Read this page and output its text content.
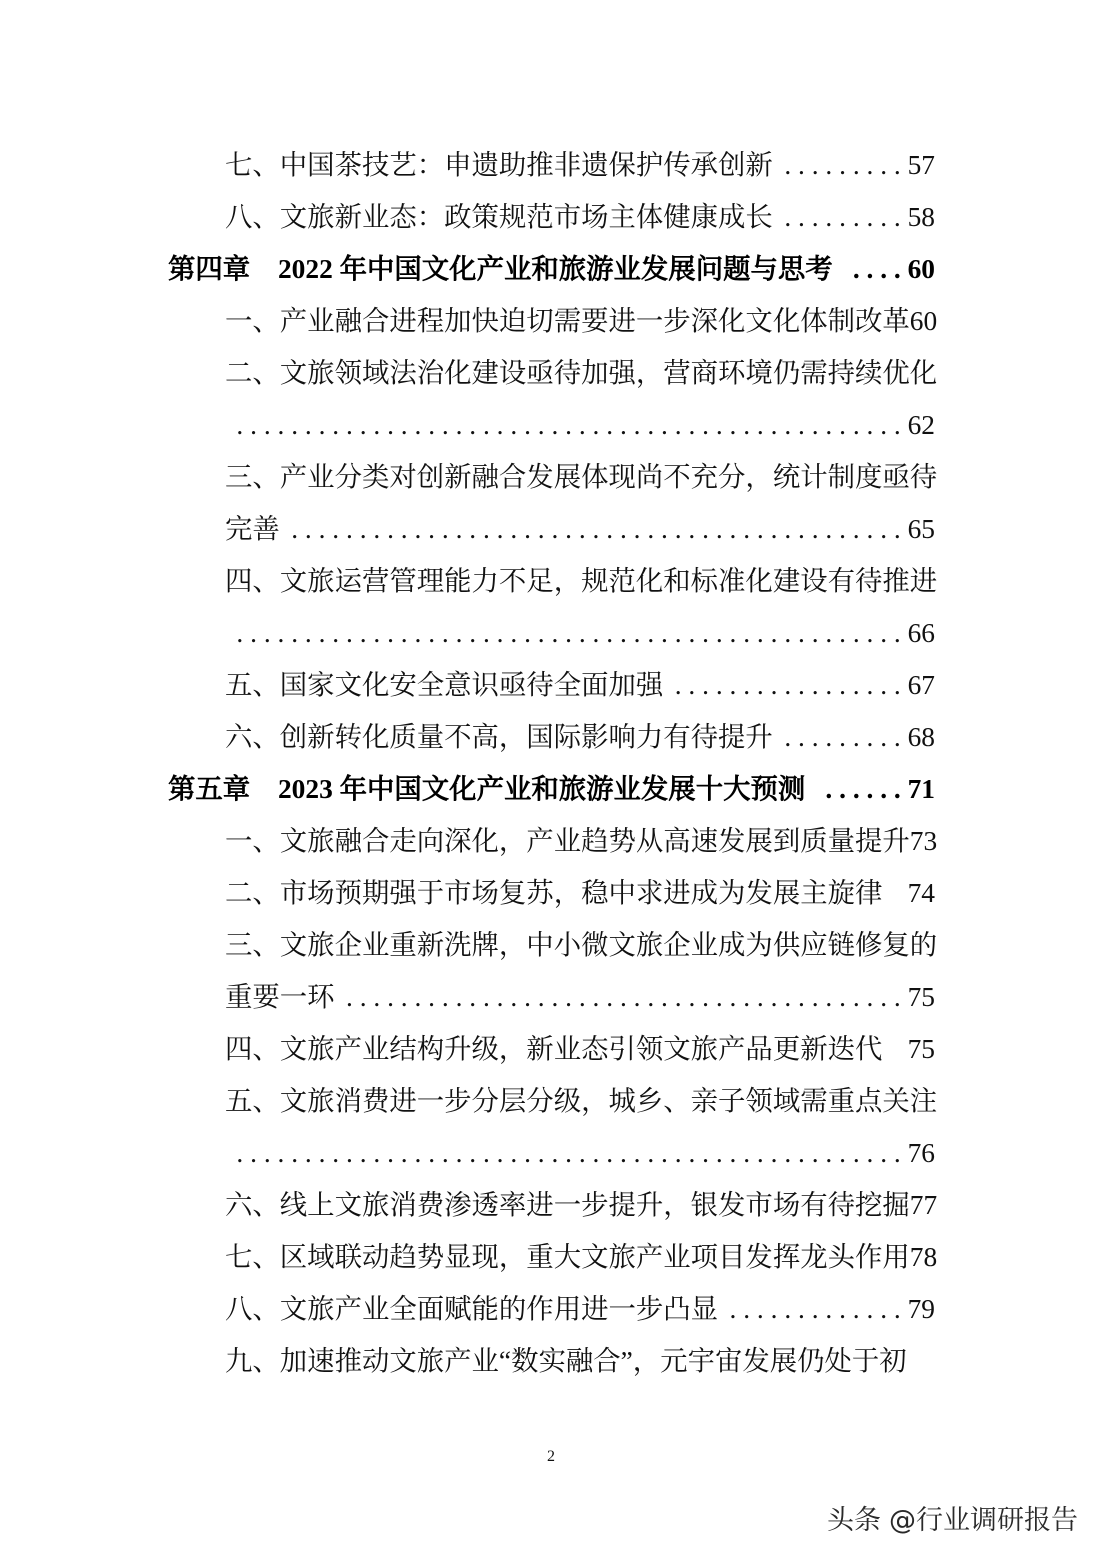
七、中国茶技艺：申遗助推非遗保护传承创新 ......... 57
八、文旅新业态：政策规范市场主体健康成长 ......... 58
第四章 2022 年中国文化产业和旅游业发展问题与思考 .... 60
一、产业融合进程加快迫切需要进一步深化文化体制改革 60
二、文旅领域法治化建设亟待加强，营商环境仍需持续优化
................................................. 62
三、产业分类对创新融合发展体现尚不充分，统计制度亟待
完善 ............................................. 65
四、文旅运营管理能力不足，规范化和标准化建设有待推进
................................................. 66
五、国家文化安全意识亟待全面加强 ................. 67
六、创新转化质量不高，国际影响力有待提升 ......... 68
第五章 2023 年中国文化产业和旅游业发展十大预测 ...... 71
一、文旅融合走向深化，产业趋势从高速发展到质量提升 73
二、市场预期强于市场复苏，稳中求进成为发展主旋律 74
三、文旅企业重新洗牌，中小微文旅企业成为供应链修复的
重要一环 ......................................... 75
四、文旅产业结构升级，新业态引领文旅产品更新迭代 75
五、文旅消费进一步分层分级，城乡、亲子领域需重点关注
................................................. 76
六、线上文旅消费渗透率进一步提升，银发市场有待挖掘 77
七、区域联动趋势显现，重大文旅产业项目发挥龙头作用 78
八、文旅产业全面赋能的作用进一步凸显 ............. 79
九、加速推动文旅产业“数实融合”，元宇宙发展仍处于初
2
头条 @行业调研报告
